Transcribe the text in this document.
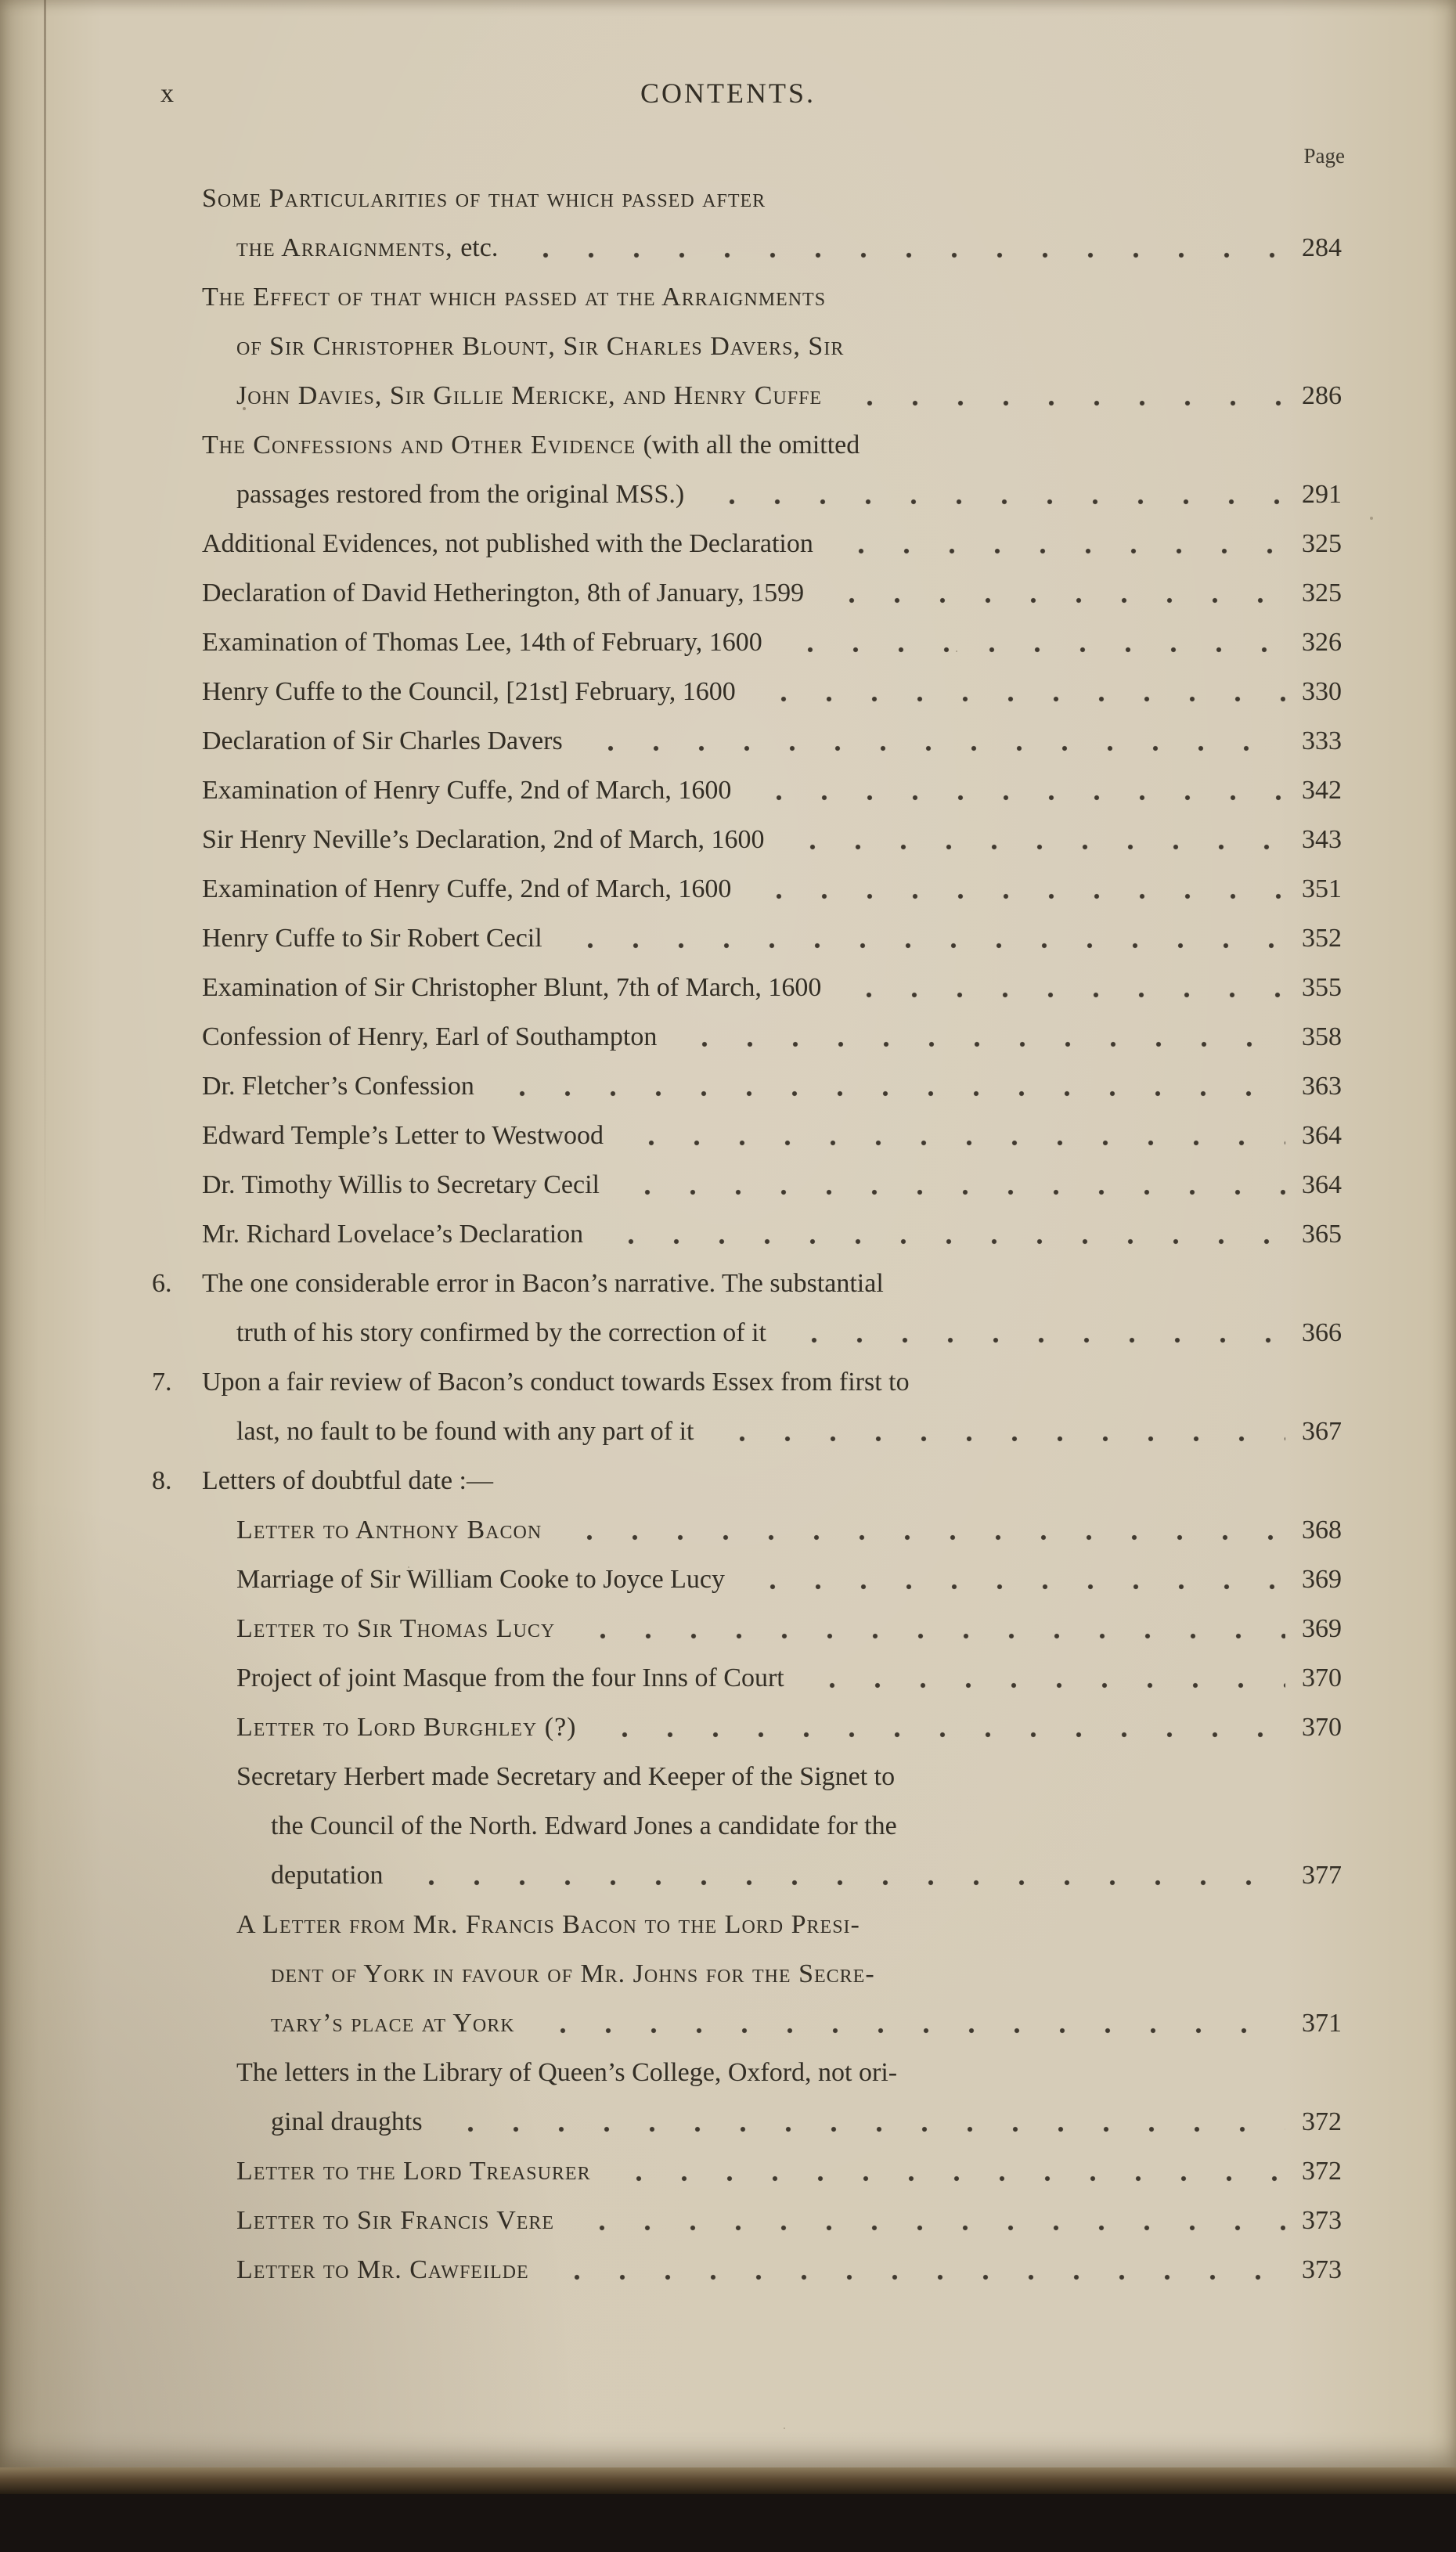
x	CONTENTS.
Page
Some Particularities of that which passed after
the Arraignments, etc.	284
The Effect of that which passed at the Arraignments
of Sir Christopher Blount, Sir Charles Davers, Sir
John Davies, Sir Gillie Mericke, and Henry Cuffe	286
The Confessions and Other Evidence (with all the omitted
passages restored from the original MSS.)	291
Additional Evidences, not published with the Declaration	325
Declaration of David Hetherington, 8th of January, 1599	325
Examination of Thomas Lee, 14th of February, 1600	326
Henry Cuffe to the Council, [21st] February, 1600	330
Declaration of Sir Charles Davers	333
Examination of Henry Cuffe, 2nd of March, 1600	342
Sir Henry Neville’s Declaration, 2nd of March, 1600	343
Examination of Henry Cuffe, 2nd of March, 1600	351
Henry Cuffe to Sir Robert Cecil	352
Examination of Sir Christopher Blunt, 7th of March, 1600	355
Confession of Henry, Earl of Southampton	358
Dr. Fletcher’s Confession	363
Edward Temple’s Letter to Westwood	364
Dr. Timothy Willis to Secretary Cecil	364
Mr. Richard Lovelace’s Declaration	365
6.	The one considerable error in Bacon’s narrative. The substantial
truth of his story confirmed by the correction of it	366
7.	Upon a fair review of Bacon’s conduct towards Essex from first to
last, no fault to be found with any part of it	367
8.	Letters of doubtful date :—
Letter to Anthony Bacon	368
Marriage of Sir William Cooke to Joyce Lucy	369
Letter to Sir Thomas Lucy	369
Project of joint Masque from the four Inns of Court	370
Letter to Lord Burghley (?)	370
Secretary Herbert made Secretary and Keeper of the Signet to
the Council of the North. Edward Jones a candidate for the
deputation	377
A Letter from Mr. Francis Bacon to the Lord Presi-
dent of York in favour of Mr. Johns for the Secre-
tary’s place at York	371
The letters in the Library of Queen’s College, Oxford, not ori-
ginal draughts	372
Letter to the Lord Treasurer	372
Letter to Sir Francis Vere	373
Letter to Mr. Cawfeilde	373
